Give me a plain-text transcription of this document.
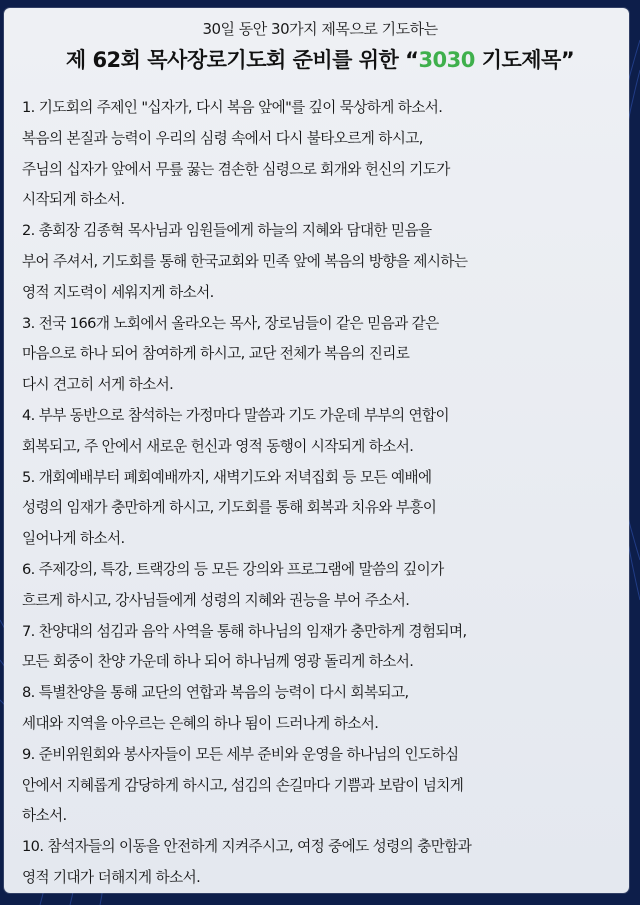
30일 동안 30가지 제목으로 기도하는
제 62회 목사장로기도회 준비를 위한 “3030 기도제목”
1. 기도회의 주제인 "십자가, 다시 복음 앞에"를 깊이 묵상하게 하소서.
복음의 본질과 능력이 우리의 심령 속에서 다시 불타오르게 하시고,
주님의 십자가 앞에서 무릎 꿇는 겸손한 심령으로 회개와 헌신의 기도가
시작되게 하소서.
2. 총회장 김종혁 목사님과 임원들에게 하늘의 지혜와 담대한 믿음을
부어 주셔서, 기도회를 통해 한국교회와 민족 앞에 복음의 방향을 제시하는
영적 지도력이 세워지게 하소서.
3. 전국 166개 노회에서 올라오는 목사, 장로님들이 같은 믿음과 같은
마음으로 하나 되어 참여하게 하시고, 교단 전체가 복음의 진리로
다시 견고히 서게 하소서.
4. 부부 동반으로 참석하는 가정마다 말씀과 기도 가운데 부부의 연합이
회복되고, 주 안에서 새로운 헌신과 영적 동행이 시작되게 하소서.
5. 개회예배부터 폐회예배까지, 새벽기도와 저녁집회 등 모든 예배에
성령의 임재가 충만하게 하시고, 기도회를 통해 회복과 치유와 부흥이
일어나게 하소서.
6. 주제강의, 특강, 트랙강의 등 모든 강의와 프로그램에 말씀의 깊이가
흐르게 하시고, 강사님들에게 성령의 지혜와 권능을 부어 주소서.
7. 찬양대의 섬김과 음악 사역을 통해 하나님의 임재가 충만하게 경험되며,
모든 회중이 찬양 가운데 하나 되어 하나님께 영광 돌리게 하소서.
8. 특별찬양을 통해 교단의 연합과 복음의 능력이 다시 회복되고,
세대와 지역을 아우르는 은혜의 하나 됨이 드러나게 하소서.
9. 준비위원회와 봉사자들이 모든 세부 준비와 운영을 하나님의 인도하심
안에서 지혜롭게 감당하게 하시고, 섬김의 손길마다 기쁨과 보람이 넘치게
하소서.
10. 참석자들의 이동을 안전하게 지켜주시고, 여정 중에도 성령의 충만함과
영적 기대가 더해지게 하소서.
